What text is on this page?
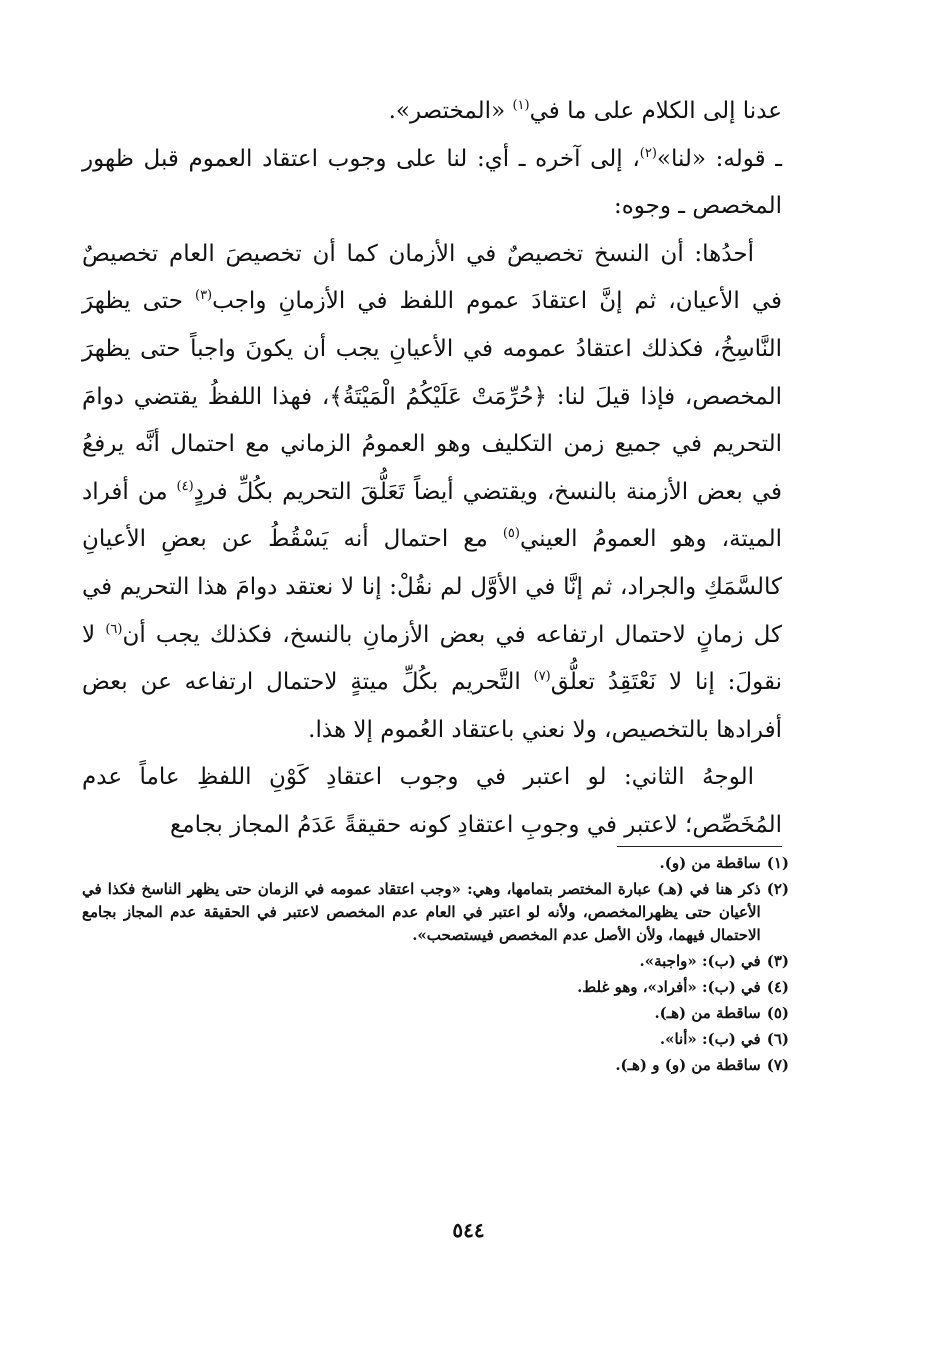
عدنا إلى الكلام على ما في$^{(١)}$ «المختصر».

ـ قوله: «لنا»$^{(٢)}$، إلى آخره ـ أي: لنا على وجوب اعتقاد العموم قبل ظهور المخصص ـ وجوه:

أحدُها: أن النسخ تخصيصٌ في الأزمان كما أن تخصيصَ العام تخصيصٌ في الأعيان، ثم إنَّ اعتقادَ عموم اللفظ في الأزمانِ واجب$^{(٣)}$ حتى يظهرَ النَّاسِخُ، فكذلك اعتقادُ عمومه في الأعيانِ يجب أن يكونَ واجباً حتى يظهرَ المخصص، فإذا قيلَ لنا: ﴿حُرِّمَتْ عَلَيْكُمُ الْمَيْتَةُ﴾، فهذا اللفظُ يقتضي دوامَ التحريم في جميع زمن التكليف وهو العمومُ الزماني مع احتمال أنَّه يرفعُ في بعض الأزمنة بالنسخ، ويقتضي أيضاً تَعَلُّقَ التحريم بكُلِّ فردٍ$^{(٤)}$ من أفراد الميتة، وهو العمومُ العيني$^{(٥)}$ مع احتمال أنه يَسْقُطُ عن بعضِ الأعيانِ كالسَّمَكِ والجراد، ثم إنَّا في الأوَّل لم نقُلْ: إنا لا نعتقد دوامَ هذا التحريم في كل زمانٍ لاحتمال ارتفاعه في بعض الأزمانِ بالنسخ، فكذلك يجب أن$^{(٦)}$ لا نقولَ: إنا لا نَعْتَقِدُ تعلُّق$^{(٧)}$ التَّحريم بكُلِّ ميتةٍ لاحتمال ارتفاعه عن بعض أفرادها بالتخصيص، ولا نعني باعتقاد العُموم إلا هذا.

الوجهُ الثاني: لو اعتبر في وجوب اعتقادِ كَوْنِ اللفظِ عاماً عدم المُخَصِّص؛ لاعتبر في وجوبِ اعتقادِ كونه حقيقةً عَدَمُ المجاز بجامع

(١)
ساقطة من (و).
(٢)
ذكر هنا في (هـ) عبارة المختصر بتمامها، وهي: «وجب اعتقاد عمومه في الزمان حتى يظهر الناسخ فكذا في الأعيان حتى يظهرالمخصص، ولأنه لو اعتبر في العام عدم المخصص لاعتبر في الحقيقة عدم المجاز بجامع الاحتمال فيهما، ولأن الأصل عدم المخصص فيستصحب».
(٣)
في (ب): «واجبة».
(٤)
في (ب): «أفراد»، وهو غلط.
(٥)
ساقطة من (هـ).
(٦)
في (ب): «أنا».
(٧)
ساقطة من (و) و (هـ).
٥٤٤
